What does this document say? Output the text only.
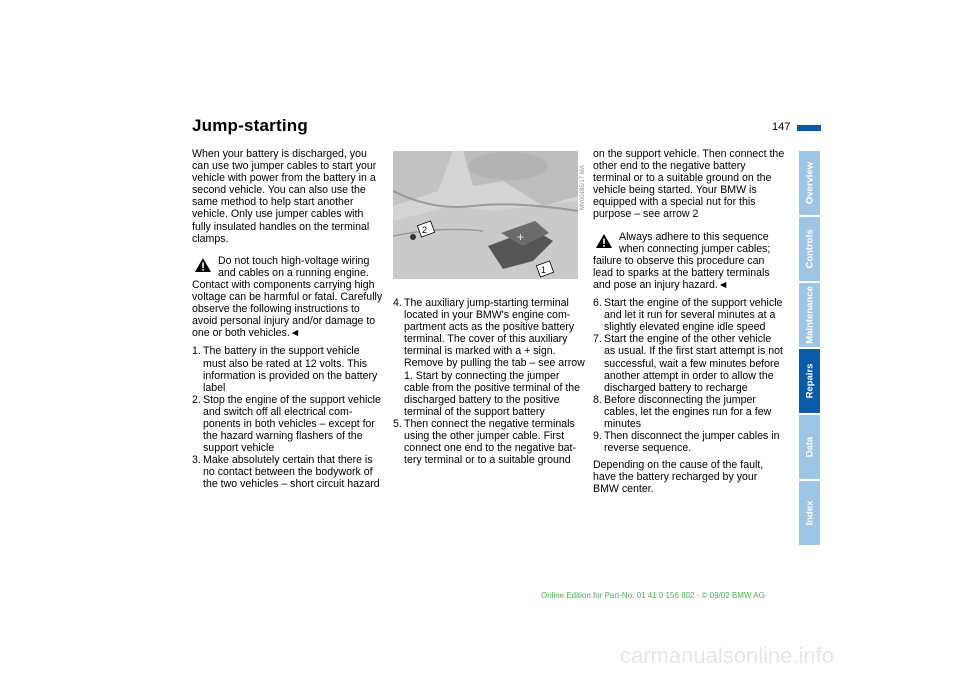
Jump-starting	147

When your battery is discharged, you can use two jumper cables to start your vehicle with power from the battery in a second vehicle. You can also use the same method to help start another vehicle. Only use jumper cables with fully insulated handles on the terminal clamps.

Do not touch high-voltage wiring and cables on a running engine. Contact with components carrying high voltage can be harmful or fatal. Carefully observe the following instructions to avoid personal injury and/or damage to one or both vehicles.◄
1. The battery in the support vehicle must also be rated at 12 volts. This information is provided on the battery label
2. Stop the engine of the support vehicle and switch off all electrical components in both vehicles – except for the hazard warning flashers of the support vehicle
3. Make absolutely certain that there is no contact between the bodywork of the two vehicles – short circuit hazard
+
2
1
MV00185/17 MA
4. The auxiliary jump-starting terminal located in your BMW's engine compartment acts as the positive battery terminal. The cover of this auxiliary terminal is marked with a + sign. Remove by pulling the tab – see arrow 1. Start by connecting the jumper cable from the positive terminal of the discharged battery to the positive terminal of the support battery
5. Then connect the negative terminals using the other jumper cable. First connect one end to the negative battery terminal or to a suitable ground

on the support vehicle. Then connect the other end to the negative battery terminal or to a suitable ground on the vehicle being started. Your BMW is equipped with a special nut for this purpose – see arrow 2

Always adhere to this sequence when connecting jumper cables; failure to observe this procedure can lead to sparks at the battery terminals and pose an injury hazard.◄
6. Start the engine of the support vehicle and let it run for several minutes at a slightly elevated engine idle speed
7. Start the engine of the other vehicle as usual. If the first start attempt is not successful, wait a few minutes before another attempt in order to allow the discharged battery to recharge
8. Before disconnecting the jumper cables, let the engines run for a few minutes
9. Then disconnect the jumper cables in reverse sequence.

Depending on the cause of the fault, have the battery recharged by your BMW center.

Overview
Controls
Maintenance
Repairs
Data
Index
Online Edition for Part-No. 01 41 0 156 802 - © 09/02 BMW AG
carmanualsonline.info
